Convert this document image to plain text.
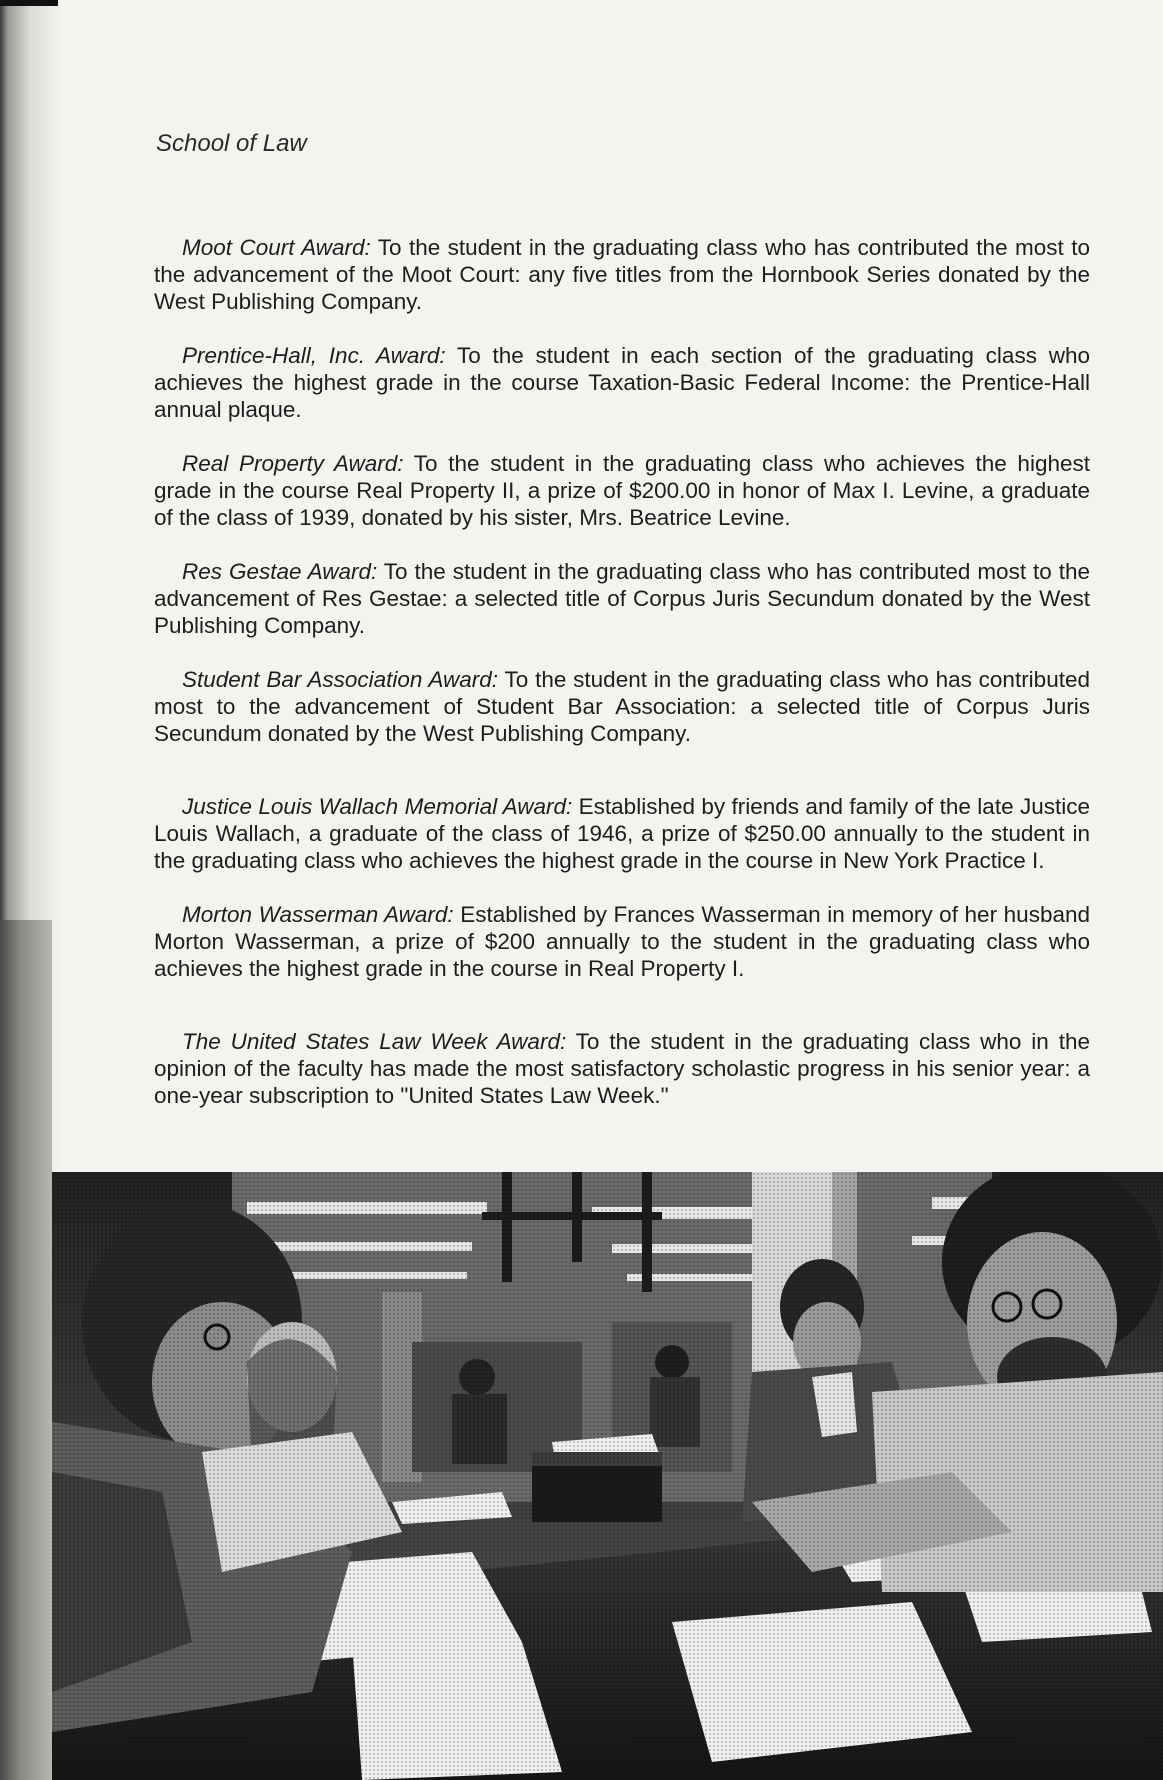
School of Law

Moot Court Award: To the student in the graduating class who has contributed the most to the advancement of the Moot Court: any five titles from the Hornbook Series donated by the West Publishing Company.

Prentice-Hall, Inc. Award: To the student in each section of the graduating class who achieves the highest grade in the course Taxation-Basic Federal Income: the Prentice-Hall annual plaque.

Real Property Award: To the student in the graduating class who achieves the highest grade in the course Real Property II, a prize of $200.00 in honor of Max I. Levine, a graduate of the class of 1939, donated by his sister, Mrs. Beatrice Levine.

Res Gestae Award: To the student in the graduating class who has contributed most to the advancement of Res Gestae: a selected title of Corpus Juris Secundum donated by the West Publishing Company.

Student Bar Association Award: To the student in the graduating class who has contributed most to the advancement of Student Bar Association: a selected title of Corpus Juris Secundum donated by the West Publishing Company.

Justice Louis Wallach Memorial Award: Established by friends and family of the late Justice Louis Wallach, a graduate of the class of 1946, a prize of $250.00 annually to the student in the graduating class who achieves the highest grade in the course in New York Practice I.

Morton Wasserman Award: Established by Frances Wasserman in memory of her husband Morton Wasserman, a prize of $200 annually to the student in the graduating class who achieves the highest grade in the course in Real Property I.

The United States Law Week Award: To the student in the graduating class who in the opinion of the faculty has made the most satisfactory scholastic progress in his senior year: a one-year subscription to "United States Law Week."
